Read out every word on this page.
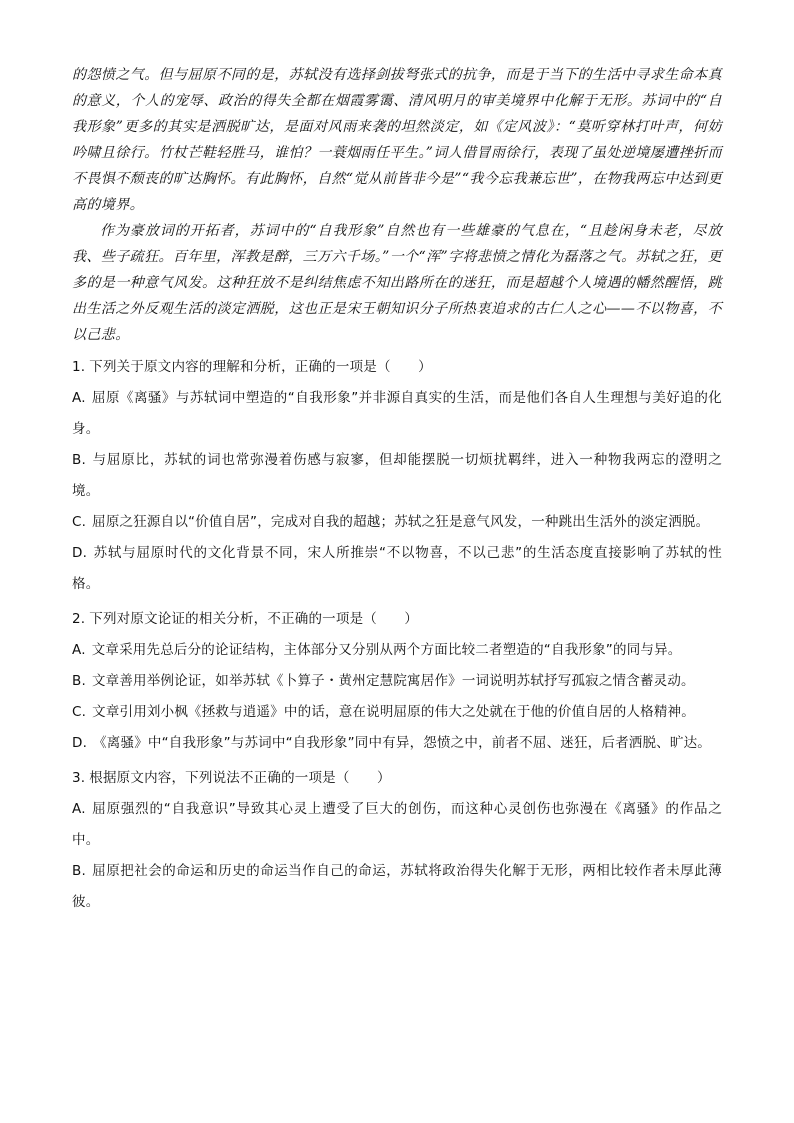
的怨愤之气。但与屈原不同的是，苏轼没有选择剑拔弩张式的抗争，而是于当下的生活中寻求生命本真的意义，个人的宠辱、政治的得失全都在烟霞雾霭、清风明月的审美境界中化解于无形。苏词中的“自我形象”更多的其实是洒脱旷达，是面对风雨来袭的坦然淡定，如《定风波》：“莫听穿林打叶声，何妨吟啸且徐行。竹杖芒鞋轻胜马，谁怕？一蓑烟雨任平生。”词人借冒雨徐行，表现了虽处逆境屡遭挫折而不畏惧不颓丧的旷达胸怀。有此胸怀，自然“觉从前皆非今是”“我今忘我兼忘世”，在物我两忘中达到更高的境界。

作为豪放词的开拓者，苏词中的“自我形象”自然也有一些雄豪的气息在，“且趁闲身未老，尽放我、些子疏狂。百年里，浑教是醉，三万六千场。”一个“浑”字将悲愤之情化为磊落之气。苏轼之狂，更多的是一种意气风发。这种狂放不是纠结焦虑不知出路所在的迷狂，而是超越个人境遇的幡然醒悟，跳出生活之外反观生活的淡定洒脱，这也正是宋王朝知识分子所热衷追求的古仁人之心——不以物喜，不以己悲。

1. 下列关于原文内容的理解和分析，正确的一项是（　　）

A. 屈原《离骚》与苏轼词中塑造的“自我形象”并非源自真实的生活，而是他们各自人生理想与美好追的化身。

B. 与屈原比，苏轼的词也常弥漫着伤感与寂寥，但却能摆脱一切烦扰羁绊，进入一种物我两忘的澄明之境。

C. 屈原之狂源自以“价值自居”，完成对自我的超越；苏轼之狂是意气风发，一种跳出生活外的淡定洒脱。

D. 苏轼与屈原时代的文化背景不同，宋人所推崇“不以物喜，不以己悲”的生活态度直接影响了苏轼的性格。

2. 下列对原文论证的相关分析，不正确的一项是（　　）

A. 文章采用先总后分的论证结构，主体部分又分别从两个方面比较二者塑造的“自我形象”的同与异。

B. 文章善用举例论证，如举苏轼《卜算子・黄州定慧院寓居作》一词说明苏轼抒写孤寂之情含蓄灵动。

C. 文章引用刘小枫《拯救与逍遥》中的话，意在说明屈原的伟大之处就在于他的价值自居的人格精神。

D. 《离骚》中“自我形象”与苏词中“自我形象”同中有异，怨愤之中，前者不屈、迷狂，后者洒脱、旷达。

3. 根据原文内容，下列说法不正确的一项是（　　）

A. 屈原强烈的“自我意识”导致其心灵上遭受了巨大的创伤，而这种心灵创伤也弥漫在《离骚》的作品之中。

B. 屈原把社会的命运和历史的命运当作自己的命运，苏轼将政治得失化解于无形，两相比较作者未厚此薄彼。
